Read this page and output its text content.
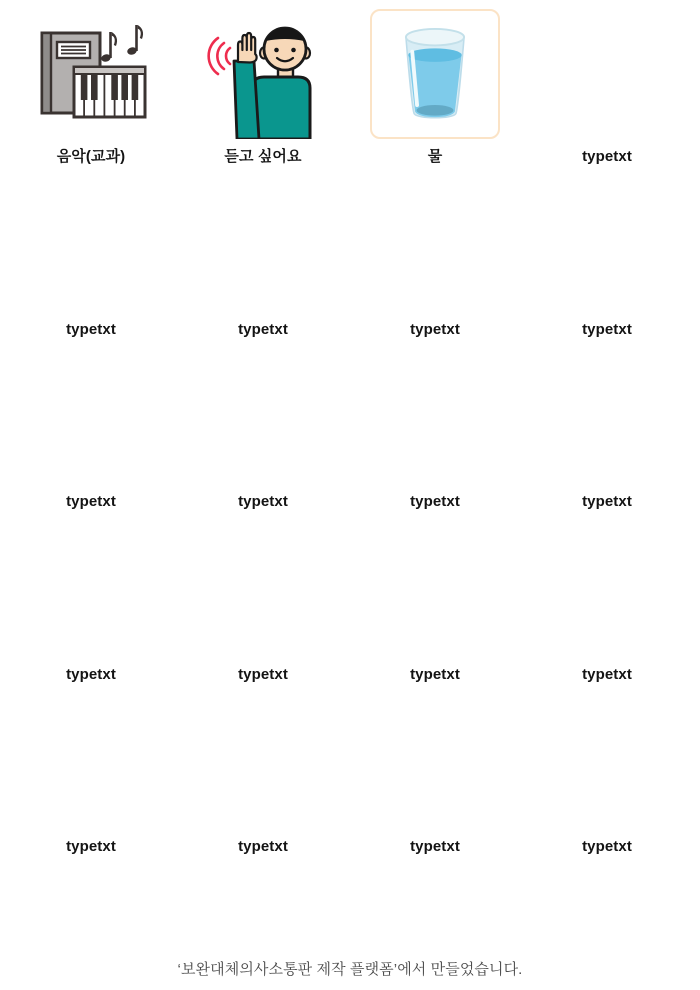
음악(교과)	듣고 싶어요	물	typetxt
typetxt	typetxt	typetxt	typetxt
typetxt	typetxt	typetxt	typetxt
typetxt	typetxt	typetxt	typetxt
typetxt	typetxt	typetxt	typetxt
‘보완대체의사소통판 제작 플랫폼’에서 만들었습니다.
